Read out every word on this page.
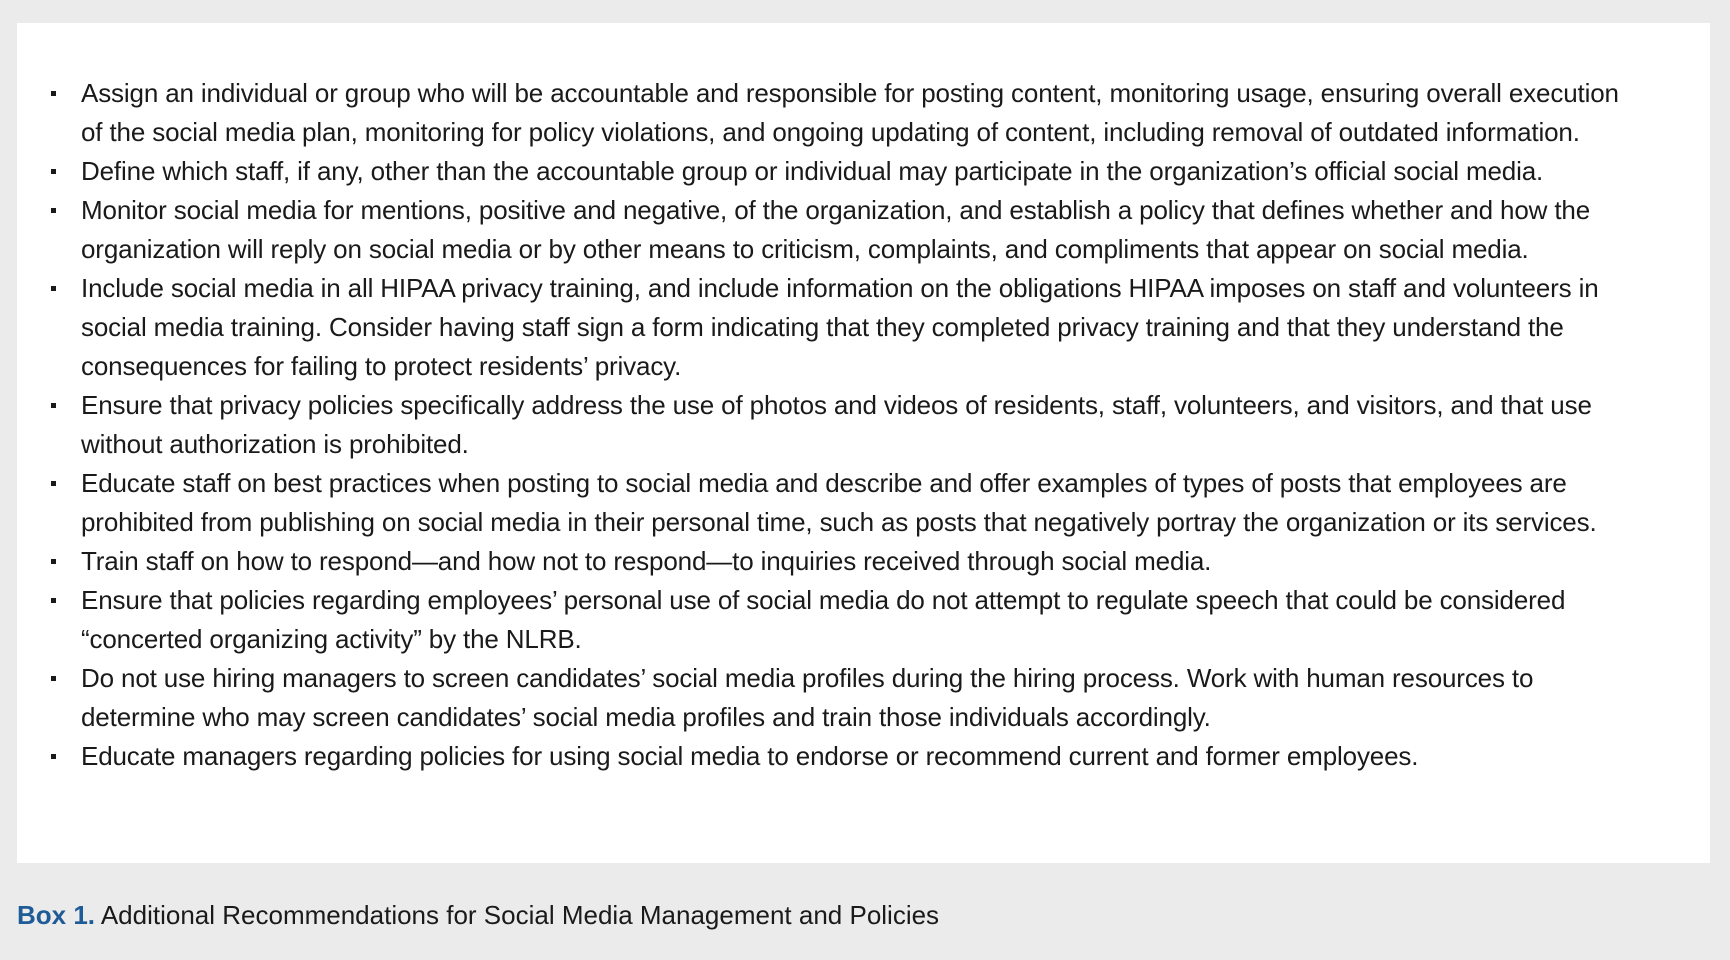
Assign an individual or group who will be accountable and responsible for posting content, monitoring usage, ensuring overall execution of the social media plan, monitoring for policy violations, and ongoing updating of content, including removal of outdated information.
Define which staff, if any, other than the accountable group or individual may participate in the organization’s official social media.
Monitor social media for mentions, positive and negative, of the organization, and establish a policy that defines whether and how the organization will reply on social media or by other means to criticism, complaints, and compliments that appear on social media.
Include social media in all HIPAA privacy training, and include information on the obligations HIPAA imposes on staff and volunteers in social media training. Consider having staff sign a form indicating that they completed privacy training and that they understand the consequences for failing to protect residents’ privacy.
Ensure that privacy policies specifically address the use of photos and videos of residents, staff, volunteers, and visitors, and that use without authorization is prohibited.
Educate staff on best practices when posting to social media and describe and offer examples of types of posts that employees are prohibited from publishing on social media in their personal time, such as posts that negatively portray the organization or its services.
Train staff on how to respond—and how not to respond—to inquiries received through social media.
Ensure that policies regarding employees’ personal use of social media do not attempt to regulate speech that could be considered “concerted organizing activity” by the NLRB.
Do not use hiring managers to screen candidates’ social media profiles during the hiring process. Work with human resources to determine who may screen candidates’ social media profiles and train those individuals accordingly.
Educate managers regarding policies for using social media to endorse or recommend current and former employees.
Box 1. Additional Recommendations for Social Media Management and Policies
